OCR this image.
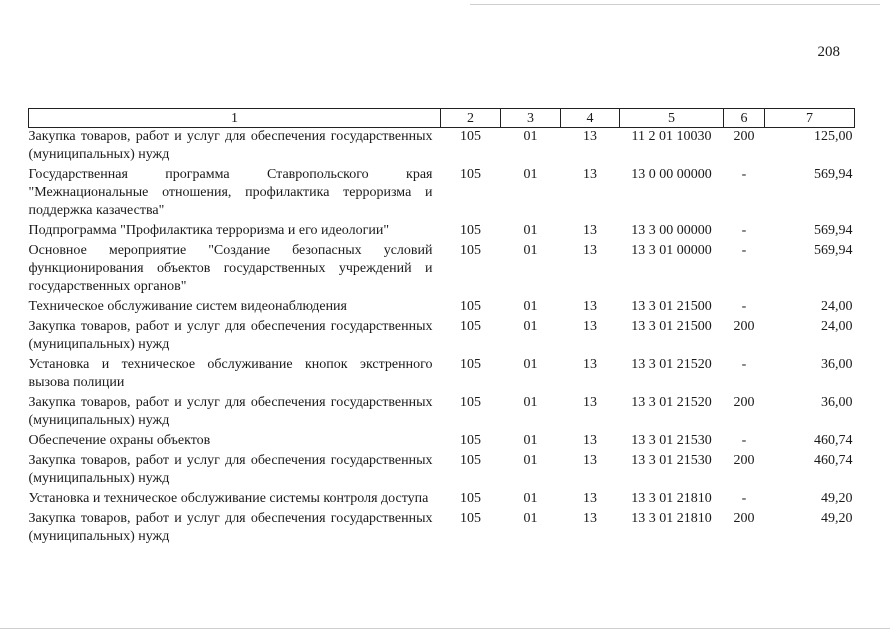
208
1	2	3	4	5	6	7
Закупка товаров, работ и услуг для обеспечения государственных (муниципальных) нужд	105	01	13	11 2 01 10030	200	125,00
Государственная программа Ставропольского края "Межнациональные отношения, профилактика терроризма и поддержка казачества"	105	01	13	13 0 00 00000	-	569,94
Подпрограмма "Профилактика терроризма и его идеологии"	105	01	13	13 3 00 00000	-	569,94
Основное мероприятие "Создание безопасных условий функционирования объектов государственных учреждений и государственных органов"	105	01	13	13 3 01 00000	-	569,94
Техническое обслуживание систем видеонаблюдения	105	01	13	13 3 01 21500	-	24,00
Закупка товаров, работ и услуг для обеспечения государственных (муниципальных) нужд	105	01	13	13 3 01 21500	200	24,00
Установка и техническое обслуживание кнопок экстренного вызова полиции	105	01	13	13 3 01 21520	-	36,00
Закупка товаров, работ и услуг для обеспечения государственных (муниципальных) нужд	105	01	13	13 3 01 21520	200	36,00
Обеспечение охраны объектов	105	01	13	13 3 01 21530	-	460,74
Закупка товаров, работ и услуг для обеспечения государственных (муниципальных) нужд	105	01	13	13 3 01 21530	200	460,74
Установка и техническое обслуживание системы контроля доступа	105	01	13	13 3 01 21810	-	49,20
Закупка товаров, работ и услуг для обеспечения государственных (муниципальных) нужд	105	01	13	13 3 01 21810	200	49,20
